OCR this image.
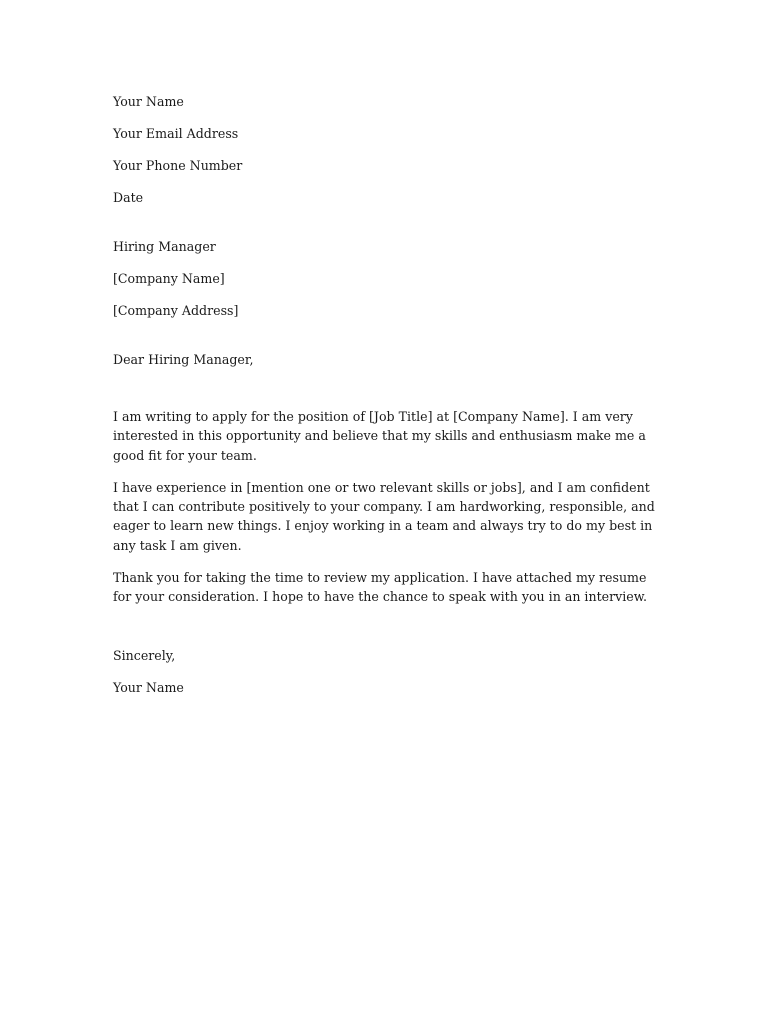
Your Name
Your Email Address
Your Phone Number
Date
Hiring Manager
[Company Name]
[Company Address]
Dear Hiring Manager,

I am writing to apply for the position of [Job Title] at [Company Name]. I am very interested in this opportunity and believe that my skills and enthusiasm make me a good fit for your team.

I have experience in [mention one or two relevant skills or jobs], and I am confident that I can contribute positively to your company. I am hardworking, responsible, and eager to learn new things. I enjoy working in a team and always try to do my best in any task I am given.

Thank you for taking the time to review my application. I have attached my resume for your consideration. I hope to have the chance to speak with you in an interview.

Sincerely,
Your Name
